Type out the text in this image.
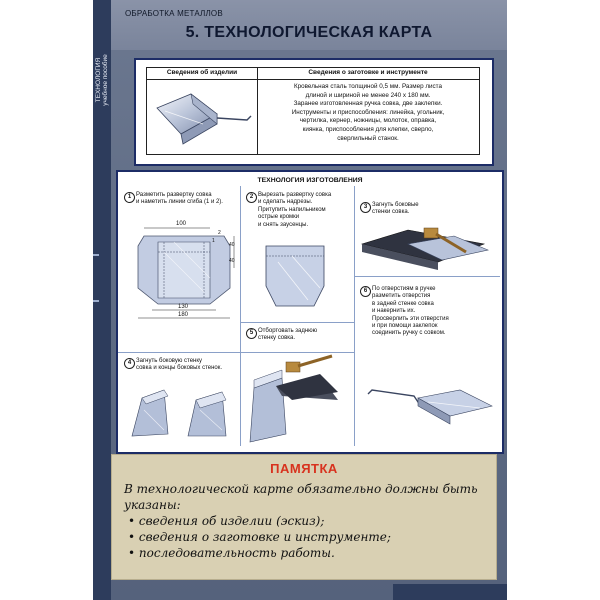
ТЕХНОЛОГИЯ учебное пособие
ОБРАБОТКА МЕТАЛЛОВ
5. ТЕХНОЛОГИЧЕСКАЯ КАРТА
Сведения об изделии	Сведения о заготовке и инструменте
Кровельная сталь толщиной 0,5 мм. Размер листа
длиной и шириной не менее 240 x 180 мм.
Заранее изготовленная ручка совка, две заклепки.
Инструменты и приспособления: линейка, угольник,
чертилка, кернер, ножницы, молоток, оправка,
киянка, приспособления для клепки, сверло,
сверлильный станок.
ТЕХНОЛОГИЯ ИЗГОТОВЛЕНИЯ
1 Разметить развертку совка
и наметить линии сгиба (1 и 2).
100
130
180
40
40
1
2
2 Вырезать развертку совка
и сделать надрезы.
Притупить напильником
острые кромки
и снять заусенцы.
3 Загнуть боковые
стенки совка.
4 Загнуть боковую стенку
совка и концы боковых стенок.
5 Отбортовать заднюю
стенку совка.
6 По отверстиям в ручке
разметить отверстия
в задней стенке совка
и накернить их.
Просверлить эти отверстия
и при помощи заклепок
соединить ручку с совком.
ПАМЯТКА
В технологической карте обязательно должны быть указаны:
• сведения об изделии (эскиз);
• сведения о заготовке и инструменте;
• последовательность работы.
